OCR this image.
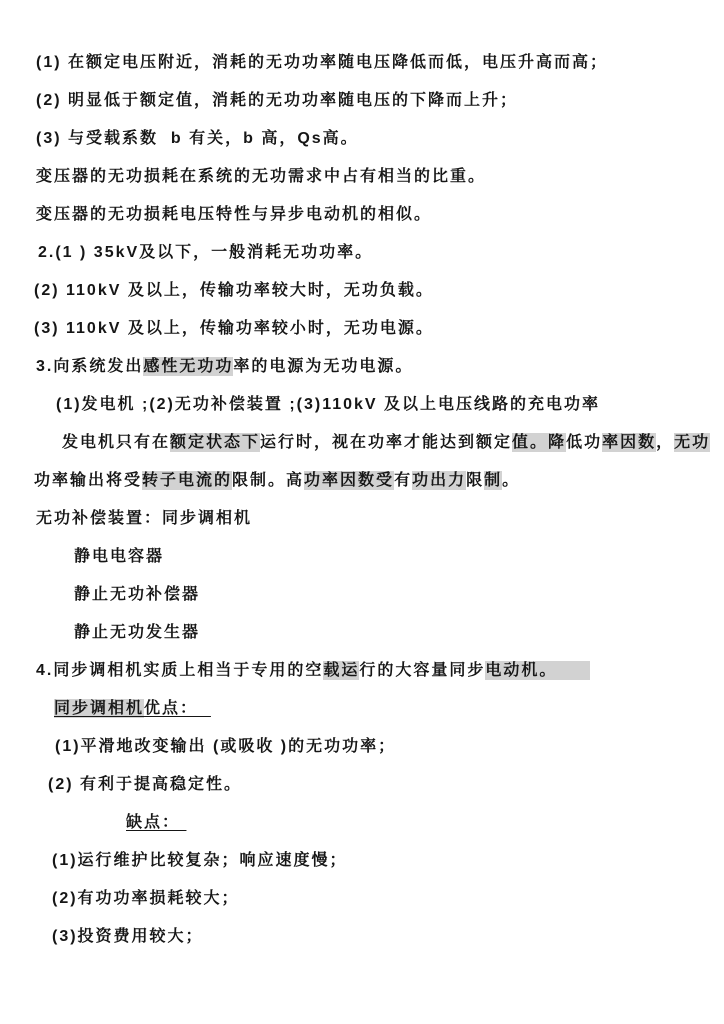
(1) 在额定电压附近，消耗的无功功率随电压降低而低，电压升高而高；
(2) 明显低于额定值，消耗的无功功率随电压的下降而上升；
(3) 与受载系数  b 有关，b 高，Qs高。
变压器的无功损耗在系统的无功需求中占有相当的比重。
变压器的无功损耗电压特性与异步电动机的相似。
2.(1 ) 35kV及以下，一般消耗无功功率。
(2) 110kV 及以上，传输功率较大时，无功负载。
(3) 110kV 及以上，传输功率较小时，无功电源。
3.向系统发出感性无功功率的电源为无功电源。
(1)发电机 ;(2)无功补偿装置 ;(3)110kV 及以上电压线路的充电功率
发电机只有在额定状态下运行时，视在功率才能达到额定值。降低功率因数，无功
功率输出将受转子电流的限制。高功率因数受有功出力限制。
无功补偿装置：同步调相机
静电电容器
静止无功补偿器
静止无功发生器
4.同步调相机实质上相当于专用的空载运行的大容量同步电动机。
同步调相机优点：
(1)平滑地改变输出 (或吸收 )的无功功率；
(2) 有利于提高稳定性。
缺点：
(1)运行维护比较复杂；响应速度慢；
(2)有功功率损耗较大；
(3)投资费用较大；
